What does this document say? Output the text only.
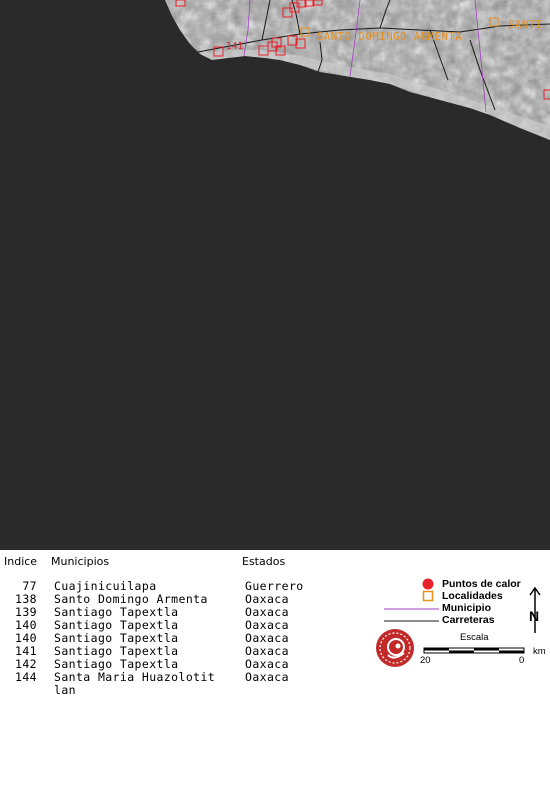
141
SANTO DOMINGO ARMENTA
SANTI
Indice Municipios	Estados
77 Cuajinicuilapa	Guerrero
138 Santo Domingo Armenta	Oaxaca
139 Santiago Tapextla	Oaxaca
140 Santiago Tapextla	Oaxaca
140 Santiago Tapextla	Oaxaca
141 Santiago Tapextla	Oaxaca
142 Santiago Tapextla	Oaxaca
144 Santa Maria Huazolotit	Oaxaca
lan
Puntos de calor
Localidades
Municipio
Carreteras N
Escala
20	0
km
